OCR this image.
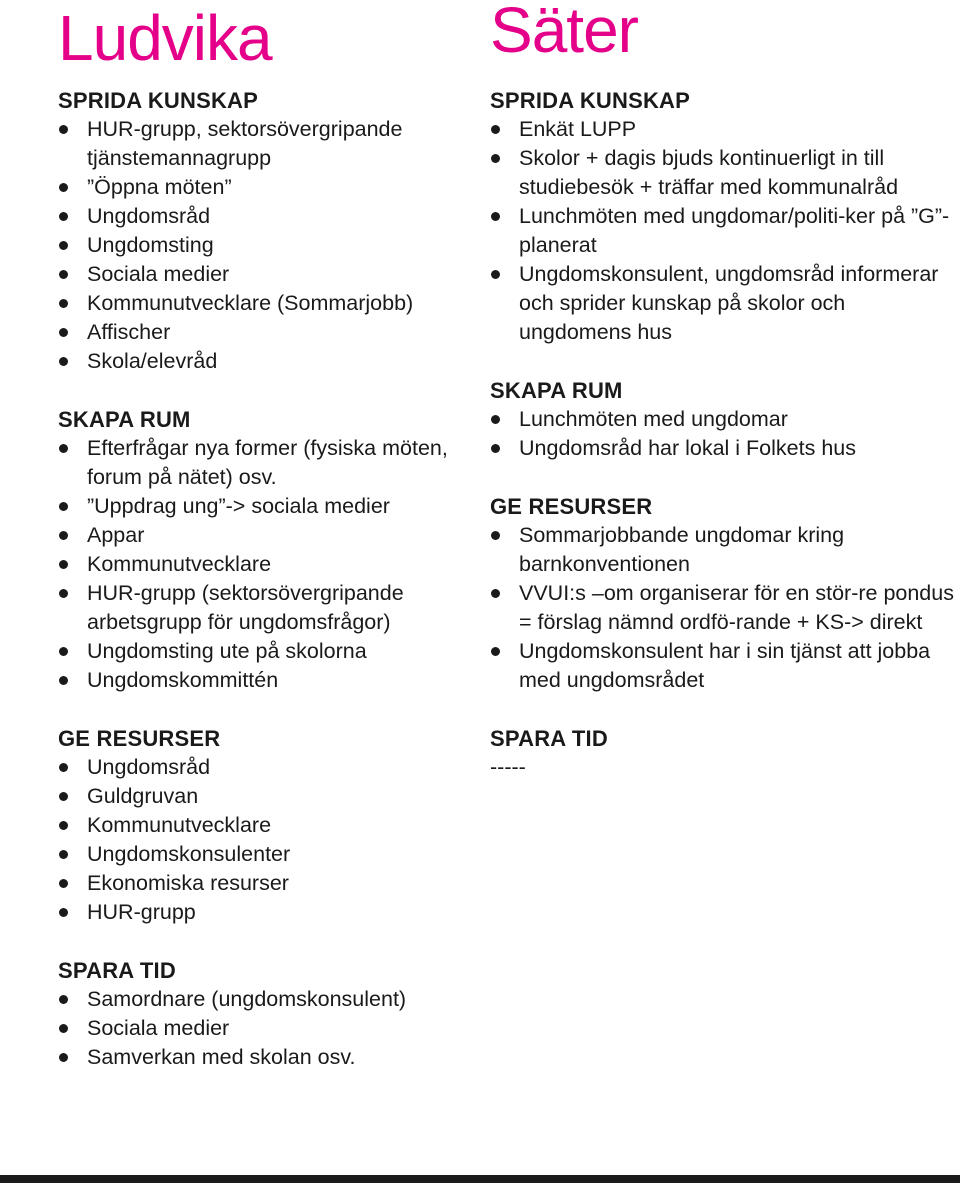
Ludvika
SPRIDA KUNSKAP
HUR-grupp, sektorsövergripande tjänstemannagrupp
”Öppna möten”
Ungdomsråd
Ungdomsting
Sociala medier
Kommunutvecklare (Sommarjobb)
Affischer
Skola/elevråd
SKAPA RUM
Efterfrågar nya former (fysiska möten, forum på nätet) osv.
”Uppdrag ung”-> sociala medier
Appar
Kommunutvecklare
HUR-grupp (sektorsövergripande arbetsgrupp för ungdomsfrågor)
Ungdomsting ute på skolorna
Ungdomskommittén
GE RESURSER
Ungdomsråd
Guldgruvan
Kommunutvecklare
Ungdomskonsulenter
Ekonomiska resurser
HUR-grupp
SPARA TID
Samordnare (ungdomskonsulent)
Sociala medier
Samverkan med skolan osv.
Säter
SPRIDA KUNSKAP
Enkät LUPP
Skolor + dagis bjuds kontinuerligt in till studiebesök + träffar med kommunalråd
Lunchmöten med ungdomar/politi-ker på ”G”- planerat
Ungdomskonsulent, ungdomsråd informerar och sprider kunskap på skolor och ungdomens hus
SKAPA RUM
Lunchmöten med ungdomar
Ungdomsråd har lokal i Folkets hus
GE RESURSER
Sommarjobbande ungdomar kring barnkonventionen
VVUI:s –om organiserar för en stör-re pondus = förslag nämnd ordfö-rande + KS-> direkt
Ungdomskonsulent har i sin tjänst att jobba med ungdomsrådet
SPARA TID

-----
